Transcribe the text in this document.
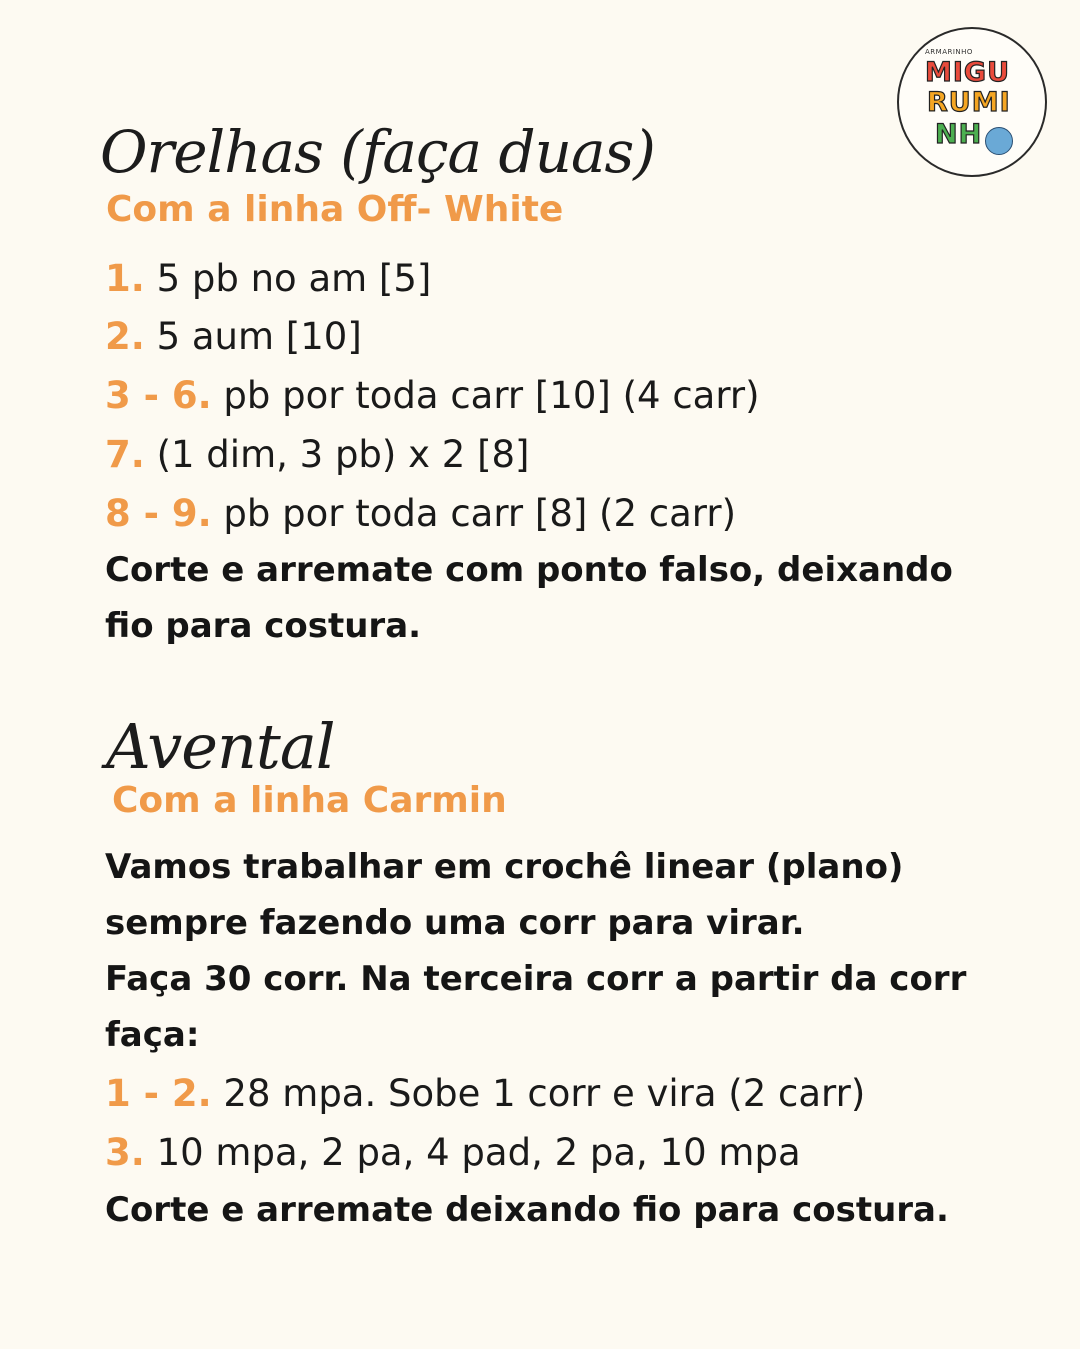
ARMARINHO
MIGU
RUMI
NH
Orelhas (faça duas)
Com a linha Off- White
1. 5 pb no am [5]
2. 5 aum [10]
3 - 6. pb por toda carr [10] (4 carr)
7. (1 dim, 3 pb) x 2 [8]
8 - 9. pb por toda carr [8] (2 carr)
Corte e arremate com ponto falso, deixando
fio para costura.
Avental
Com a linha Carmin
Vamos trabalhar em crochê linear (plano)
sempre fazendo uma corr para virar.
Faça 30 corr. Na terceira corr a partir da corr
faça:
1 - 2. 28 mpa. Sobe 1 corr e vira (2 carr)
3. 10 mpa, 2 pa, 4 pad, 2 pa, 10 mpa
Corte e arremate deixando fio para costura.
